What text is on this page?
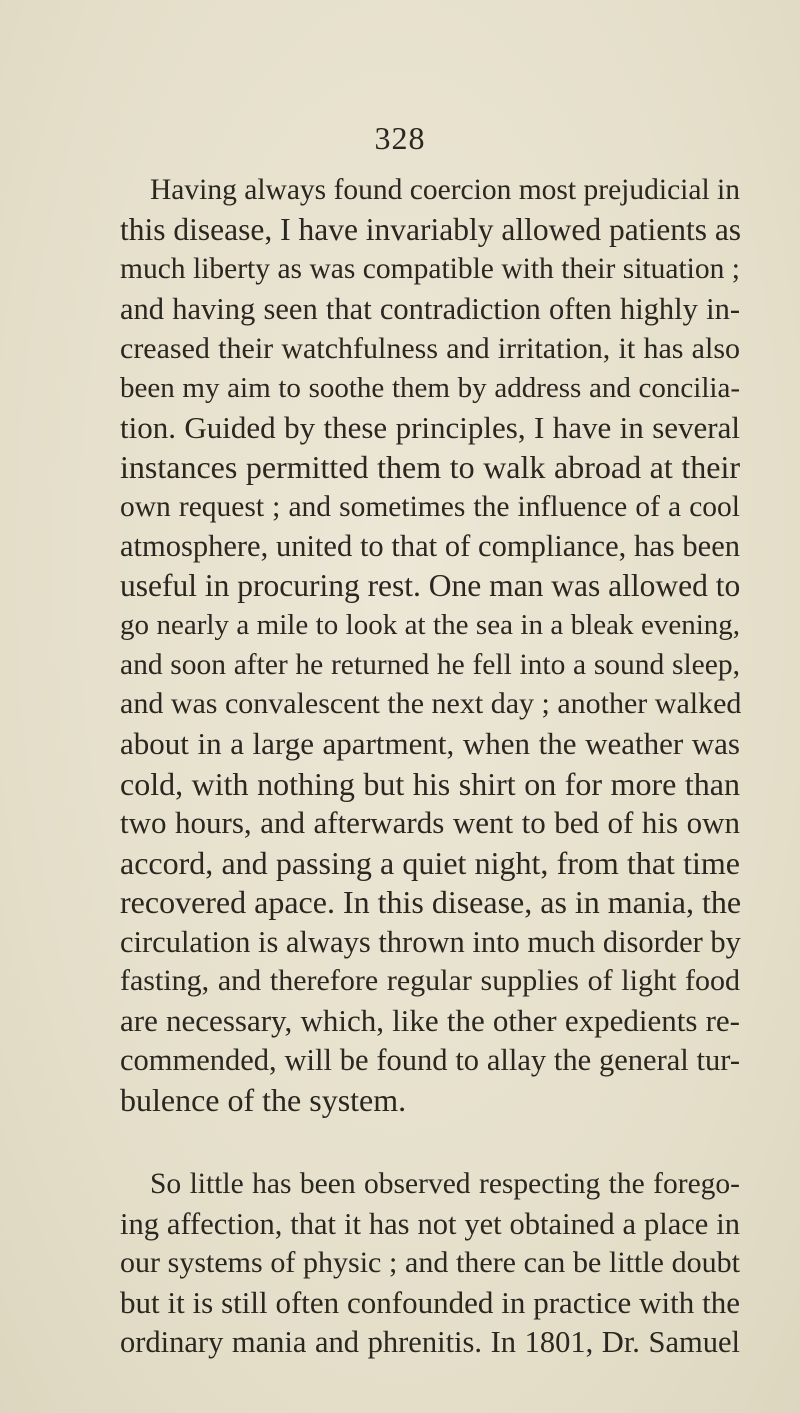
328
Having always found coercion most prejudicial in
this disease, I have invariably allowed patients as
much liberty as was compatible with their situation ;
and having seen that contradiction often highly in-
creased their watchfulness and irritation, it has also
been my aim to soothe them by address and concilia-
tion. Guided by these principles, I have in several
instances permitted them to walk abroad at their
own request ; and sometimes the influence of a cool
atmosphere, united to that of compliance, has been
useful in procuring rest. One man was allowed to
go nearly a mile to look at the sea in a bleak evening,
and soon after he returned he fell into a sound sleep,
and was convalescent the next day ; another walked
about in a large apartment, when the weather was
cold, with nothing but his shirt on for more than
two hours, and afterwards went to bed of his own
accord, and passing a quiet night, from that time
recovered apace. In this disease, as in mania, the
circulation is always thrown into much disorder by
fasting, and therefore regular supplies of light food
are necessary, which, like the other expedients re-
commended, will be found to allay the general tur-
bulence of the system.
So little has been observed respecting the forego-
ing affection, that it has not yet obtained a place in
our systems of physic ; and there can be little doubt
but it is still often confounded in practice with the
ordinary mania and phrenitis. In 1801, Dr. Samuel
